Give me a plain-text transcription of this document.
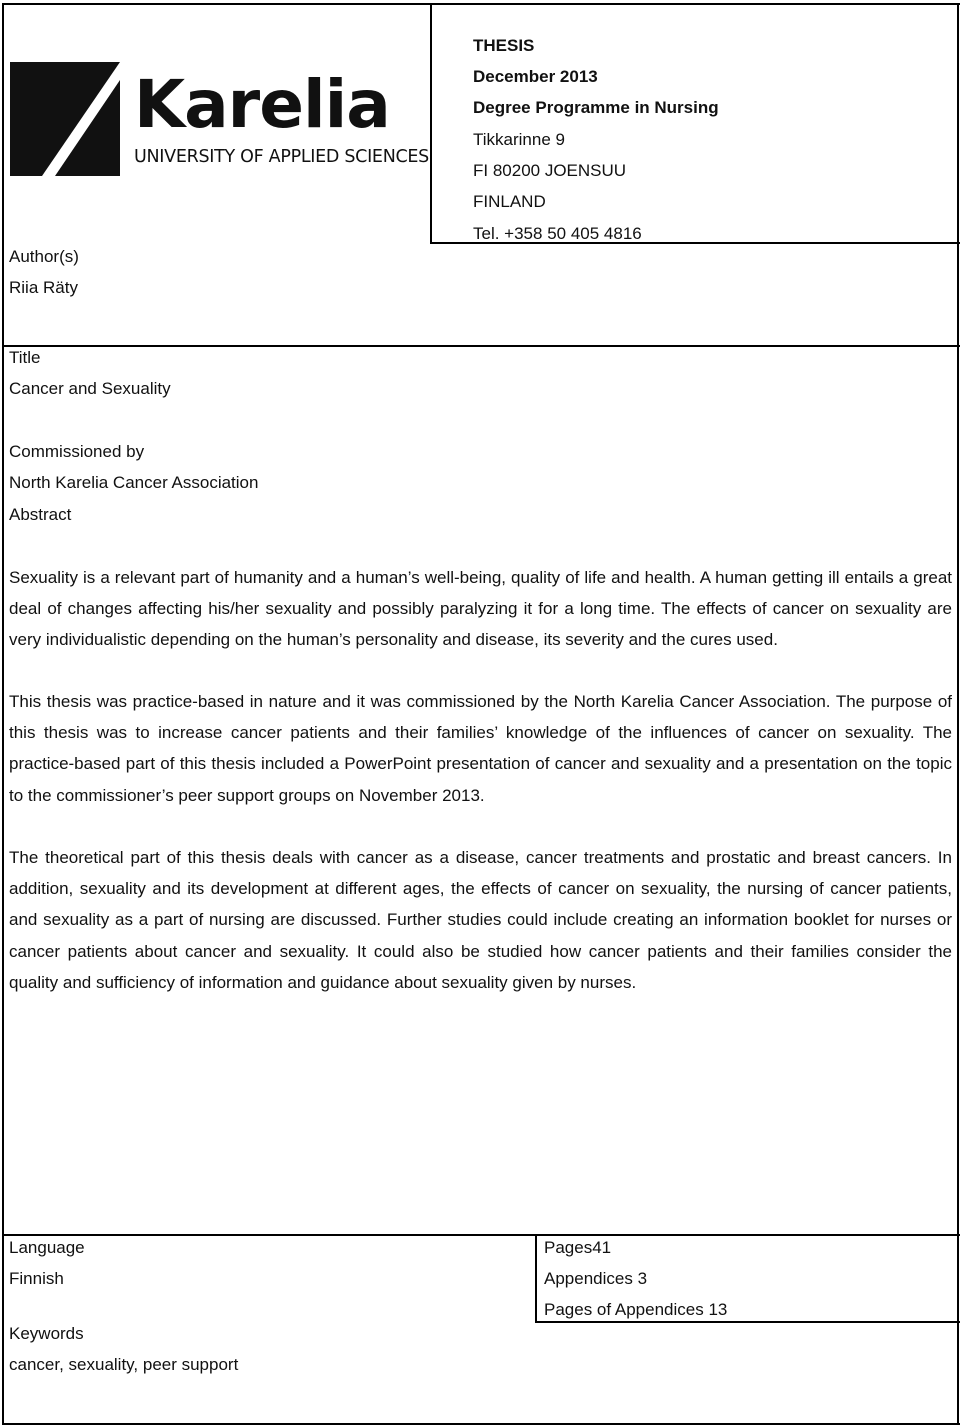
Karelia
UNIVERSITY OF APPLIED SCIENCES
THESIS
December 2013
Degree Programme in Nursing
Tikkarinne 9
FI 80200 JOENSUU
FINLAND
Tel. +358 50 405 4816
Author(s)
Riia Räty
Title
Cancer and Sexuality
Commissioned by
North Karelia Cancer Association
Abstract
Sexuality is a relevant part of humanity and a human’s well-being, quality of life and health. A human getting ill entails a great deal of changes affecting his/her sexuality and possibly paralyzing it for a long time. The effects of cancer on sexuality are very individualistic depending on the human’s personality and disease, its severity and the cures used.
This thesis was practice-based in nature and it was commissioned by the North Karelia Cancer Association. The purpose of this thesis was to increase cancer patients and their families’ knowledge of the influences of cancer on sexuality. The practice-based part of this thesis included a PowerPoint presentation of cancer and sexuality and a presentation on the topic to the commissioner’s peer support groups on November 2013.
The theoretical part of this thesis deals with cancer as a disease, cancer treatments and prostatic and breast cancers. In addition, sexuality and its development at different ages, the effects of cancer on sexuality, the nursing of cancer patients, and sexuality as a part of nursing are discussed. Further studies could include creating an information booklet for nurses or cancer patients about cancer and sexuality. It could also be studied how cancer patients and their families consider the quality and sufficiency of information and guidance about sexuality given by nurses.
Language
Finnish
Pages41
Appendices 3
Pages of Appendices 13
Keywords
cancer, sexuality, peer support
